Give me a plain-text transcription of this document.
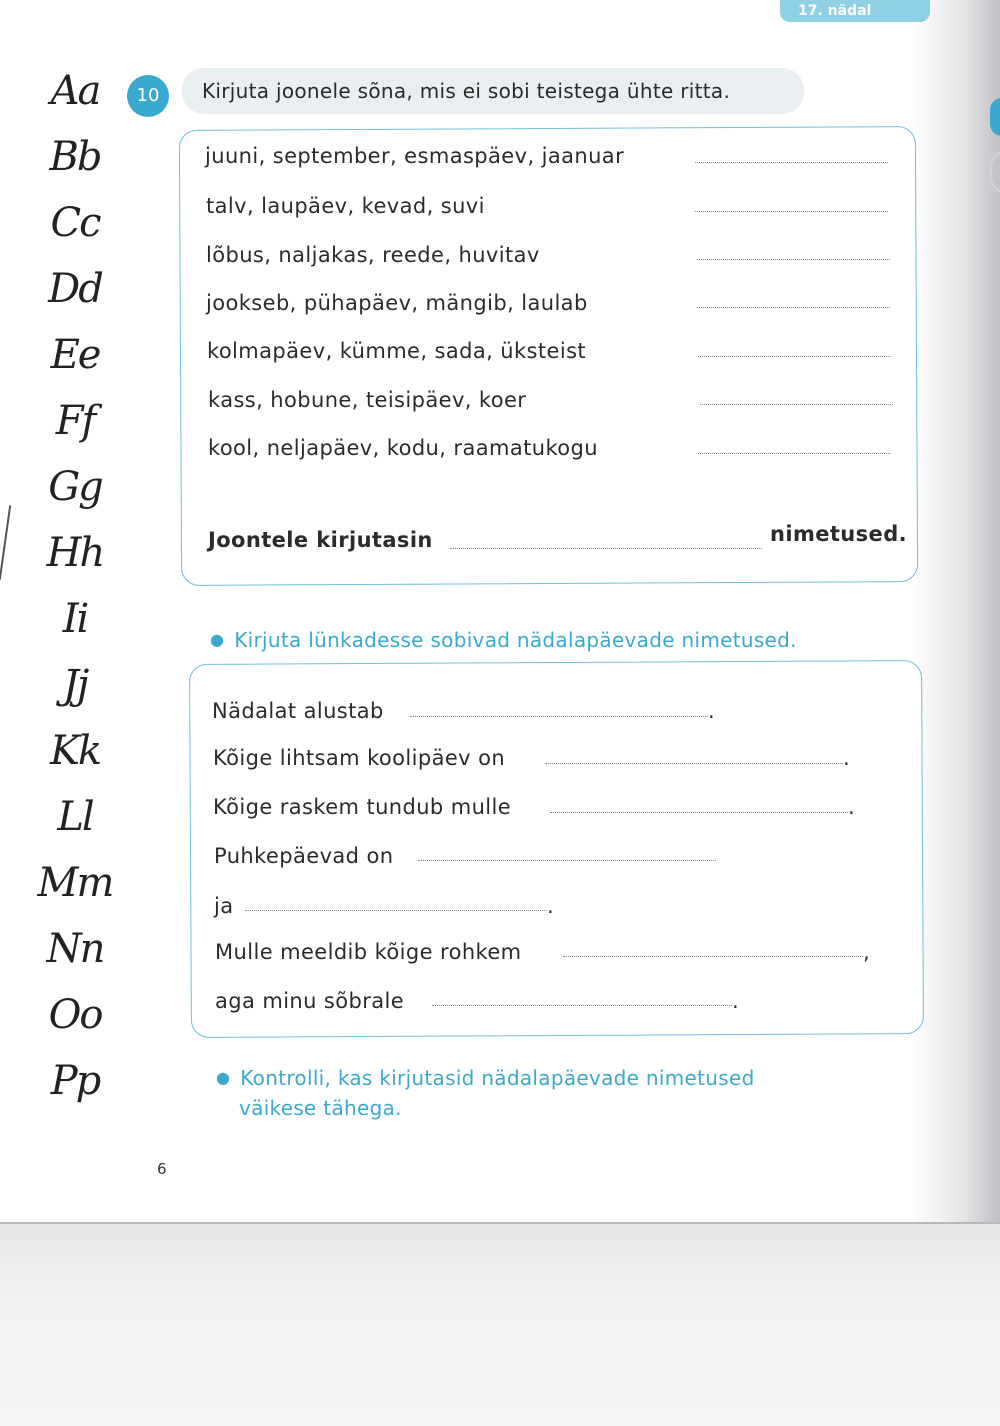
17. nädal
Aa
Bb
Cc
Dd
Ee
Ff
Gg
Hh
Ii
Jj
Kk
Ll
Mm
Nn
Oo
Pp
10	Kirjuta joonele sõna, mis ei sobi teistega ühte ritta.
juuni, september, esmaspäev, jaanuar
talv, laupäev, kevad, suvi
lõbus, naljakas, reede, huvitav
jookseb, pühapäev, mängib, laulab
kolmapäev, kümme, sada, üksteist
kass, hobune, teisipäev, koer
kool, neljapäev, kodu, raamatukogu
Joontele kirjutasin	nimetused.
● Kirjuta lünkadesse sobivad nädalapäevade nimetused.
Nädalat alustab	.
Kõige lihtsam koolipäev on	.
Kõige raskem tundub mulle	.
Puhkepäevad on
ja	.
Mulle meeldib kõige rohkem	,
aga minu sõbrale	.
● Kontrolli, kas kirjutasid nädalapäevade nimetused
väikese tähega.
6
